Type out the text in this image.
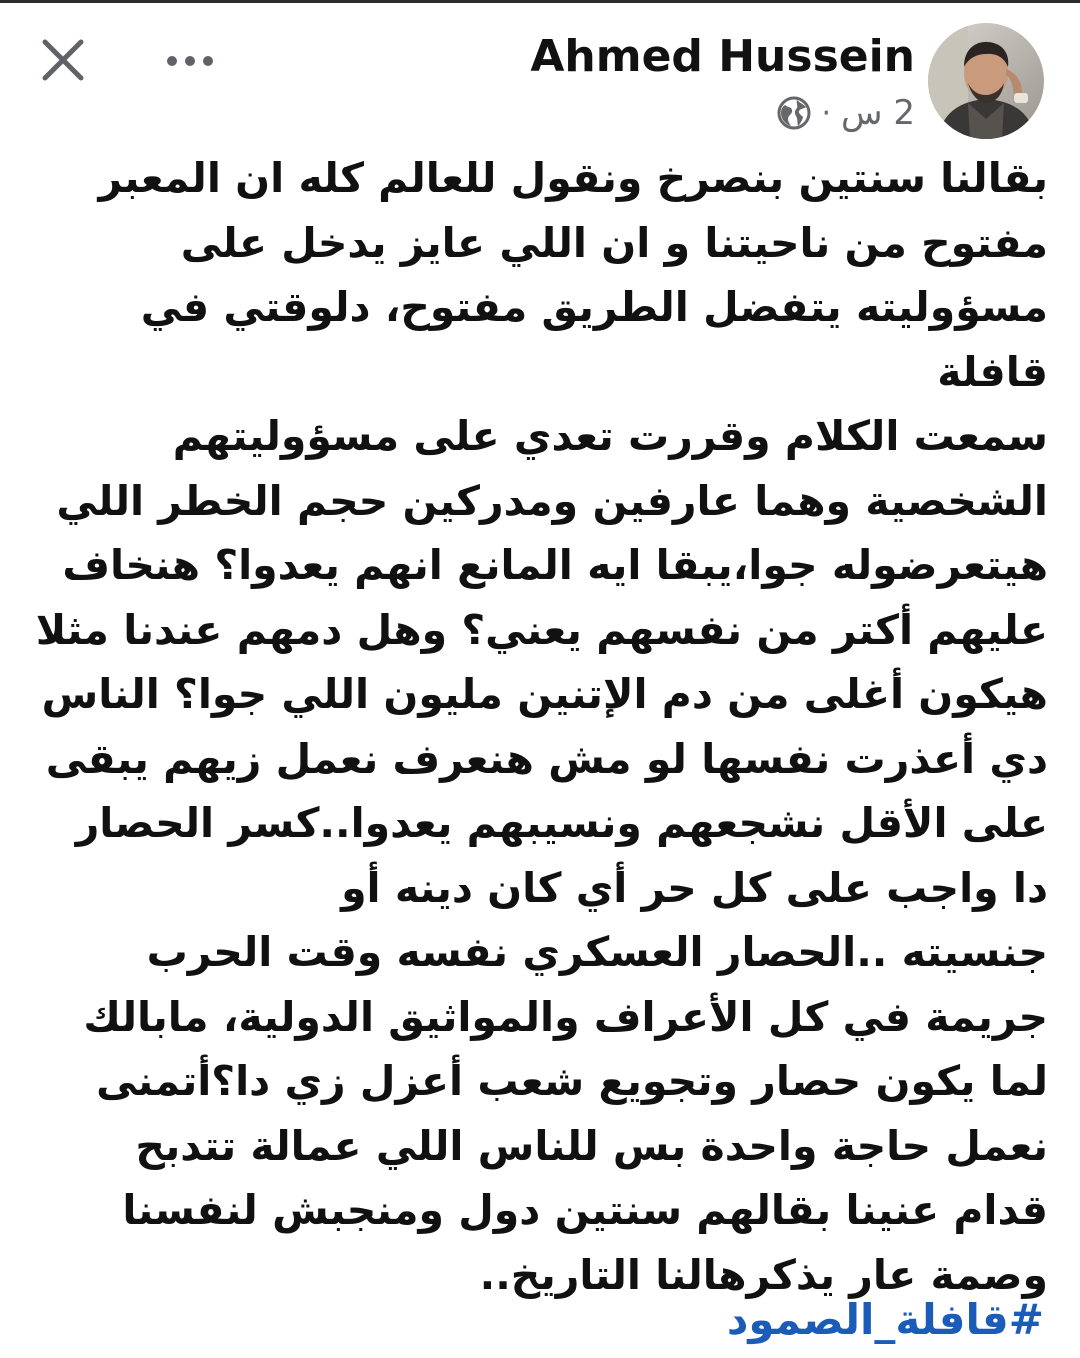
Ahmed Hussein
· 2 س
بقالنا سنتين بنصرخ ونقول للعالم كله ان المعبر
مفتوح من ناحيتنا و ان اللي عايز يدخل على
مسؤوليته يتفضل الطريق مفتوح، دلوقتي في قافلة
سمعت الكلام وقررت تعدي على مسؤوليتهم
الشخصية وهما عارفين ومدركين حجم الخطر اللي
هيتعرضوله جوا،يبقا ايه المانع انهم يعدوا؟ هنخاف
عليهم أكتر من نفسهم يعني؟ وهل دمهم عندنا مثلا
هيكون أغلى من دم الإتنين مليون اللي جوا؟ الناس
دي أعذرت نفسها لو مش هنعرف نعمل زيهم يبقى
على الأقل نشجعهم ونسيبهم يعدوا..كسر الحصار
دا واجب على كل حر أي كان دينه أو
جنسيته ..الحصار العسكري نفسه وقت الحرب
جريمة في كل الأعراف والمواثيق الدولية، مابالك
لما يكون حصار وتجويع شعب أعزل زي دا؟أتمنى
نعمل حاجة واحدة بس للناس اللي عمالة تتدبح
قدام عنينا بقالهم سنتين دول ومنجبش لنفسنا
وصمة عار يذكرهالنا التاريخ..
#قافلة_الصمود
